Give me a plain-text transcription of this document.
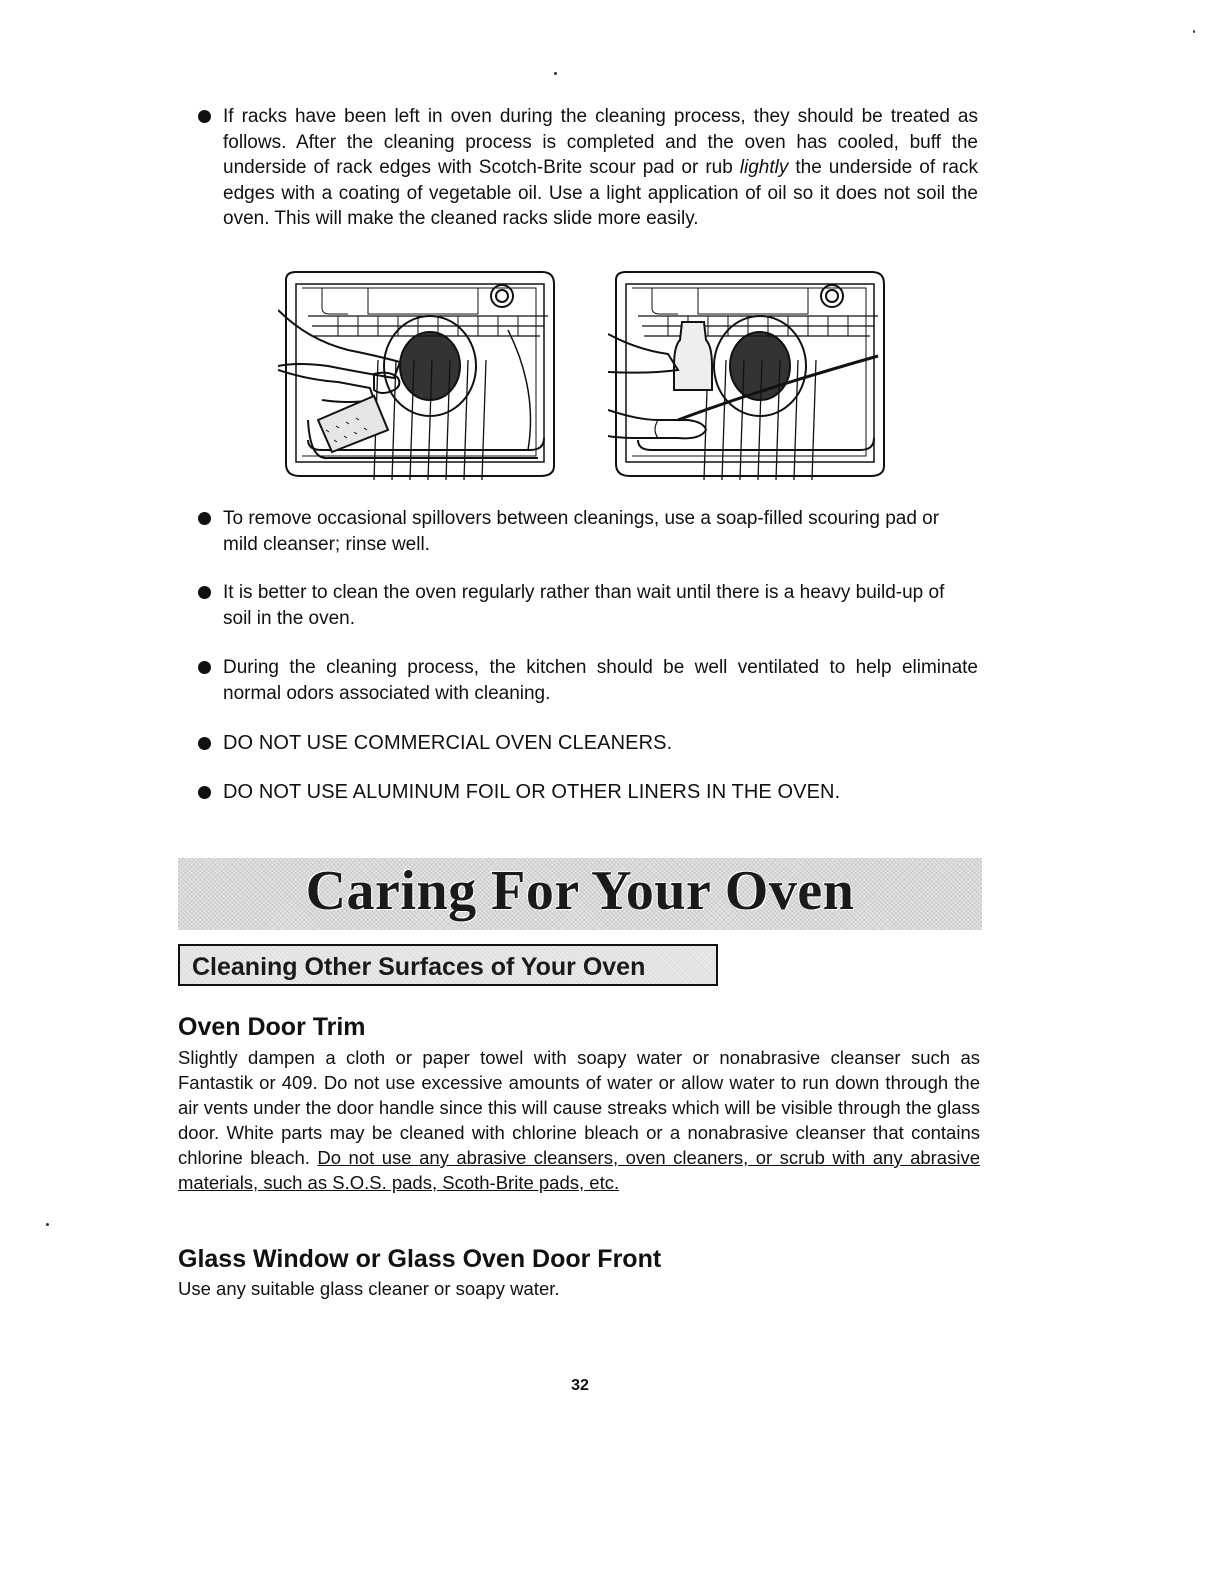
If racks have been left in oven during the cleaning process, they should be treated as follows. After the cleaning process is completed and the oven has cooled, buff the underside of rack edges with Scotch-Brite scour pad or rub lightly the underside of rack edges with a coating of vegetable oil. Use a light application of oil so it does not soil the oven. This will make the cleaned racks slide more easily.
To remove occasional spillovers between cleanings, use a soap-filled scouring pad or mild cleanser; rinse well.
It is better to clean the oven regularly rather than wait until there is a heavy build-up of soil in the oven.
During the cleaning process, the kitchen should be well ventilated to help eliminate normal odors associated with cleaning.
DO NOT USE COMMERCIAL OVEN CLEANERS.
DO NOT USE ALUMINUM FOIL OR OTHER LINERS IN THE OVEN.
Caring For Your Oven
Cleaning Other Surfaces of Your Oven
Oven Door Trim
Slightly dampen a cloth or paper towel with soapy water or nonabrasive cleanser such as Fantastik or 409. Do not use excessive amounts of water or allow water to run down through the air vents under the door handle since this will cause streaks which will be visible through the glass door. White parts may be cleaned with chlorine bleach or a nonabrasive cleanser that contains chlorine bleach. Do not use any abrasive cleansers, oven cleaners, or scrub with any abrasive materials, such as S.O.S. pads, Scoth-Brite pads, etc.
Glass Window or Glass Oven Door Front
Use any suitable glass cleaner or soapy water.
32
